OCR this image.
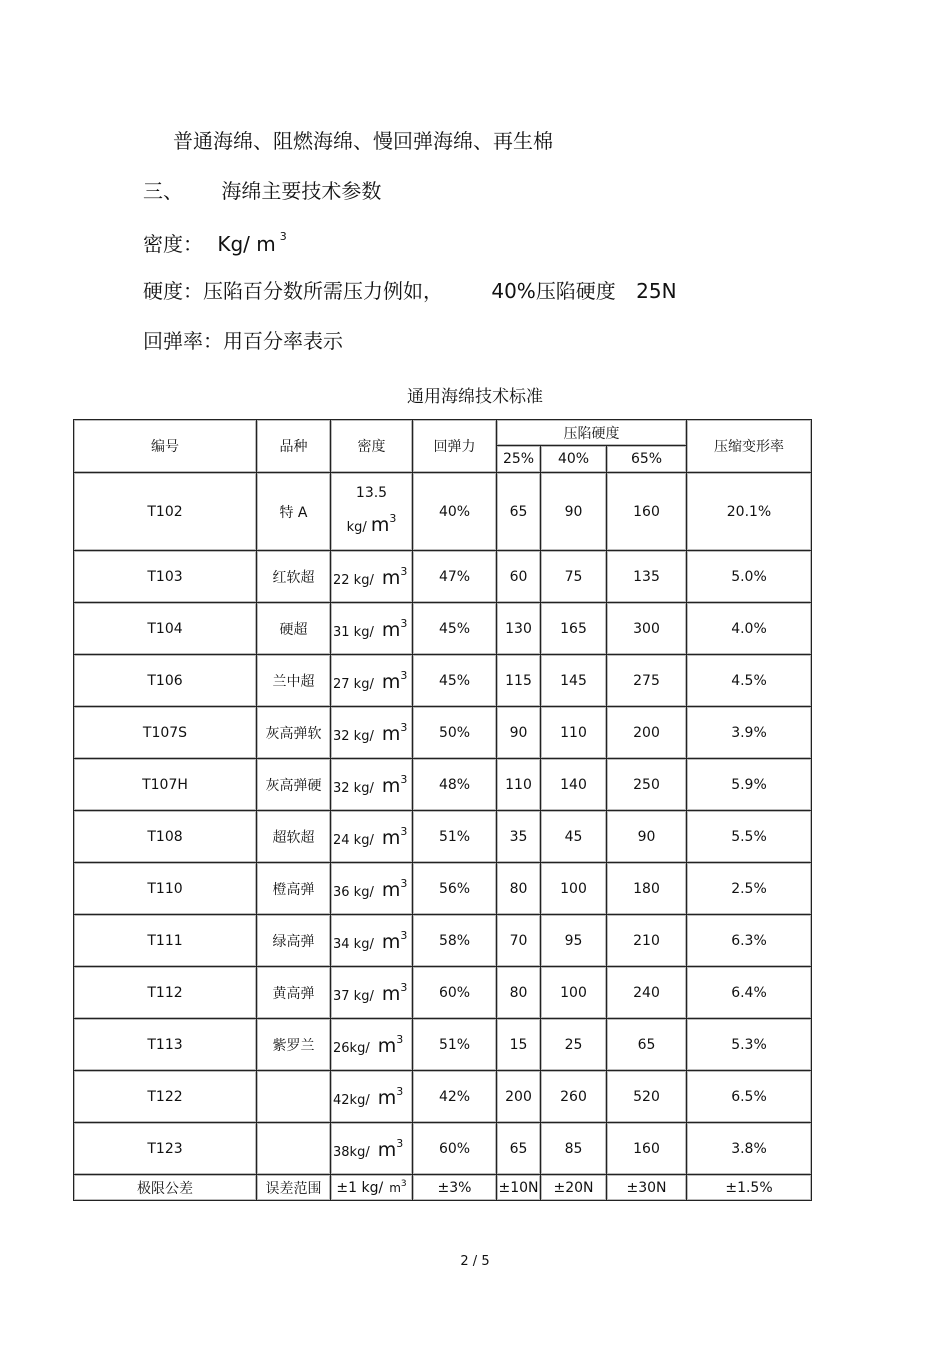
普通海绵、阻燃海绵、慢回弹海绵、再生棉
三、 海绵主要技术参数
密度： Kg/ m $^3$
硬度：压陷百分数所需压力例如， 40%压陷硬度 25N
回弹率：用百分率表示
通用海绵技术标准
编号	品种	密度	回弹力	压陷硬度			压缩变形率
				25%	40%	65%	
T102	特 A	13.5
kg/ $m^3$	40%	65	90	160	20.1%
T103	红软超	22 kg/ $m^3$	47%	60	75	135	5.0%
T104	硬超	31 kg/ $m^3$	45%	130	165	300	4.0%
T106	兰中超	27 kg/ $m^3$	45%	115	145	275	4.5%
T107S	灰高弹软	32 kg/ $m^3$	50%	90	110	200	3.9%
T107H	灰高弹硬	32 kg/ $m^3$	48%	110	140	250	5.9%
T108	超软超	24 kg/ $m^3$	51%	35	45	90	5.5%
T110	橙高弹	36 kg/ $m^3$	56%	80	100	180	2.5%
T111	绿高弹	34 kg/ $m^3$	58%	70	95	210	6.3%
T112	黄高弹	37 kg/ $m^3$	60%	80	100	240	6.4%
T113	紫罗兰	26kg/ $m^3$	51%	15	25	65	5.3%
T122		42kg/ $m^3$	42%	200	260	520	6.5%
T123		38kg/ $m^3$	60%	65	85	160	3.8%
极限公差	误差范围	±1 kg/ $m^3$	±3%	±10N	±20N	±30N	±1.5%
2 / 5
